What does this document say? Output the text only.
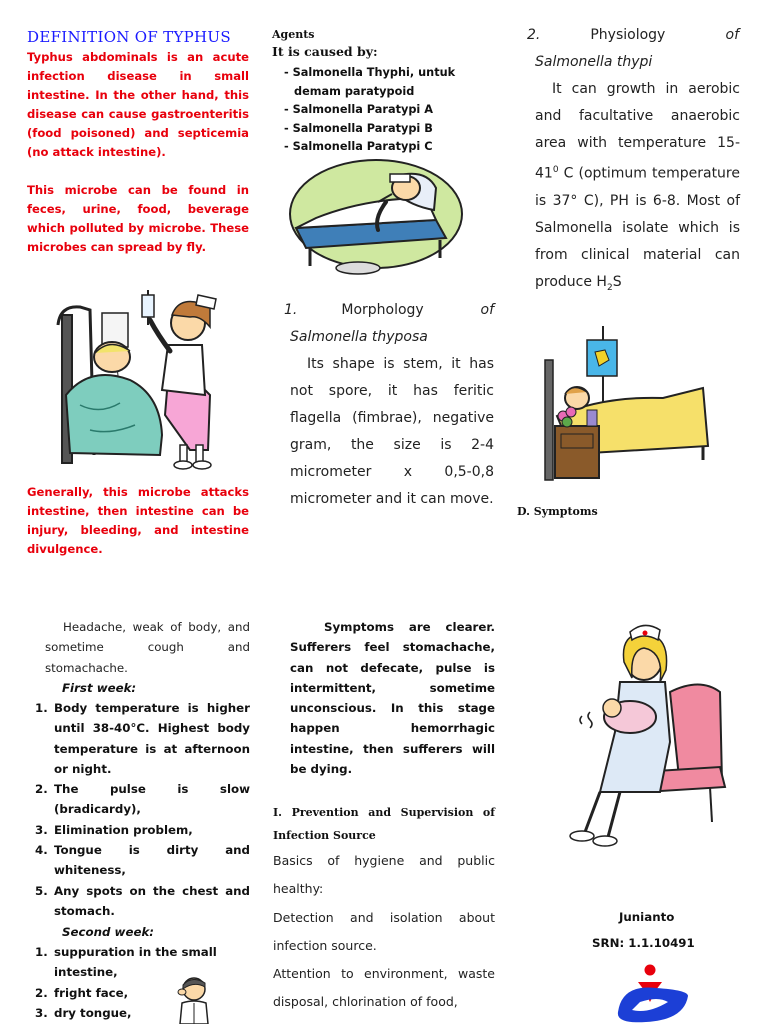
DEFINITION OF TYPHUS

Typhus abdominals is an acute infection disease in small intestine. In the other hand, this disease can cause gastroenteritis (food poisoned) and septicemia (no attack intestine).

This microbe can be found in feces, urine, food, beverage which polluted by microbe. These microbes can spread by fly.

Generally, this microbe attacks intestine, then intestine can be injury, bleeding, and intestine divulgence.

Agents
It is caused by:
- Salmonella Thyphi, untuk demam paratypoid
- Salmonella Paratypi A
- Salmonella Paratypi B
- Salmonella Paratypi C
1.	Morphology	of
Salmonella thyposa

Its shape is stem, it has not spore, it has feritic flagella (fimbrae), negative gram, the size is 2-4 micrometer x 0,5-0,8 micrometer and it can move.

2.	Physiology	of
Salmonella thypi

It can growth in aerobic and facultative anaerobic area with temperature 15- $41^0$ C (optimum temperature is 37° C), PH is 6-8. Most of Salmonella isolate which is from clinical material can produce $H_2S$

D. Symptoms

Headache, weak of body, and sometime cough and stomachache.

First week:
1. Body temperature is higher until 38-40°C. Highest body temperature is at afternoon or night.
2. The pulse is slow (bradicardy),
3. Elimination problem,
4. Tongue is dirty and whiteness,
5. Any spots on the chest and stomach.
Second week:
1. suppuration in the small intestine,
2. fright face,
3. dry tongue,

Symptoms are clearer. Sufferers feel stomachache, can not defecate, pulse is intermittent, sometime unconscious. In this stage happen hemorrhagic intestine, then sufferers will be dying.

I. Prevention and Supervision of Infection Source

Basics of hygiene and public healthy:

Detection and isolation about infection source.

Attention to environment, waste disposal, chlorination of food,

Junianto
SRN: 1.1.10491
